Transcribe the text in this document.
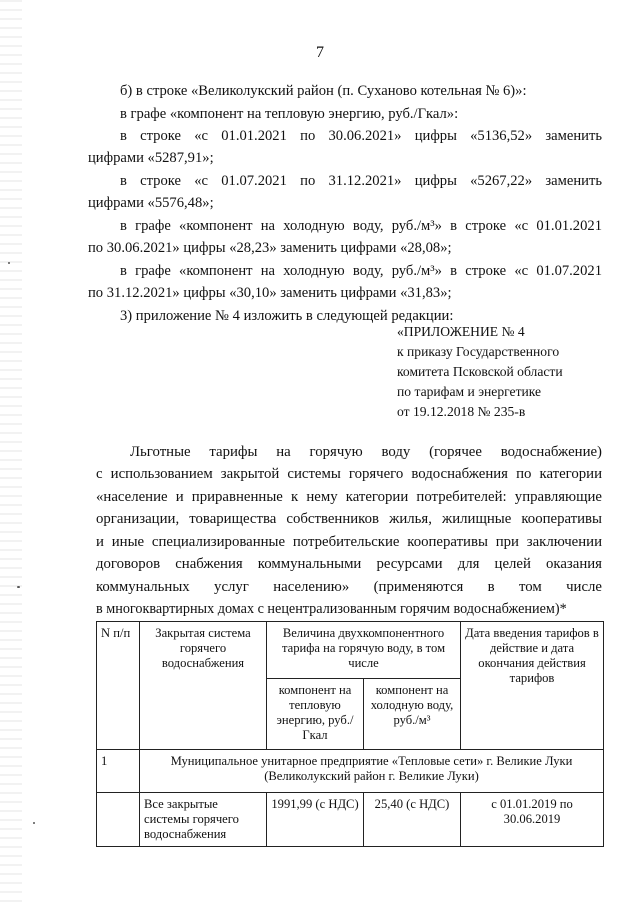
7
б) в строке «Великолукский район (п. Суханово котельная № 6)»:
в графе «компонент на тепловую энергию, руб./Гкал»:
в строке «с 01.01.2021 по 30.06.2021» цифры «5136,52» заменить
цифрами «5287,91»;
в строке «с 01.07.2021 по 31.12.2021» цифры «5267,22» заменить
цифрами «5576,48»;
в графе «компонент на холодную воду, руб./м³» в строке «с 01.01.2021
по 30.06.2021» цифры «28,23» заменить цифрами «28,08»;
в графе «компонент на холодную воду, руб./м³» в строке «с 01.07.2021
по 31.12.2021» цифры «30,10» заменить цифрами «31,83»;
3) приложение № 4 изложить в следующей редакции:
«ПРИЛОЖЕНИЕ № 4
к приказу Государственного
комитета Псковской области
по тарифам и энергетике
от 19.12.2018 № 235-в
Льготные тарифы на горячую воду (горячее водоснабжение)
с использованием закрытой системы горячего водоснабжения по категории
«население и приравненные к нему категории потребителей: управляющие
организации, товарищества собственников жилья, жилищные кооперативы
и иные специализированные потребительские кооперативы при заключении
договоров снабжения коммунальными ресурсами для целей оказания
коммунальных услуг населению» (применяются в том числе
в многоквартирных домах с нецентрализованным горячим водоснабжением)*
N п/п	Закрытая система горячего водоснабжения	Величина двухкомпонентного тарифа на горячую воду, в том числе		Дата введения тарифов в действие и дата окончания действия тарифов
		компонент на тепловую энергию, руб./Гкал	компонент на холодную воду, руб./м³	
1	Муниципальное унитарное предприятие «Тепловые сети» г. Великие Луки (Великолукский район г. Великие Луки)			
	Все закрытые системы горячего водоснабжения	1991,99 (с НДС)	25,40 (с НДС)	с 01.01.2019 по 30.06.2019
